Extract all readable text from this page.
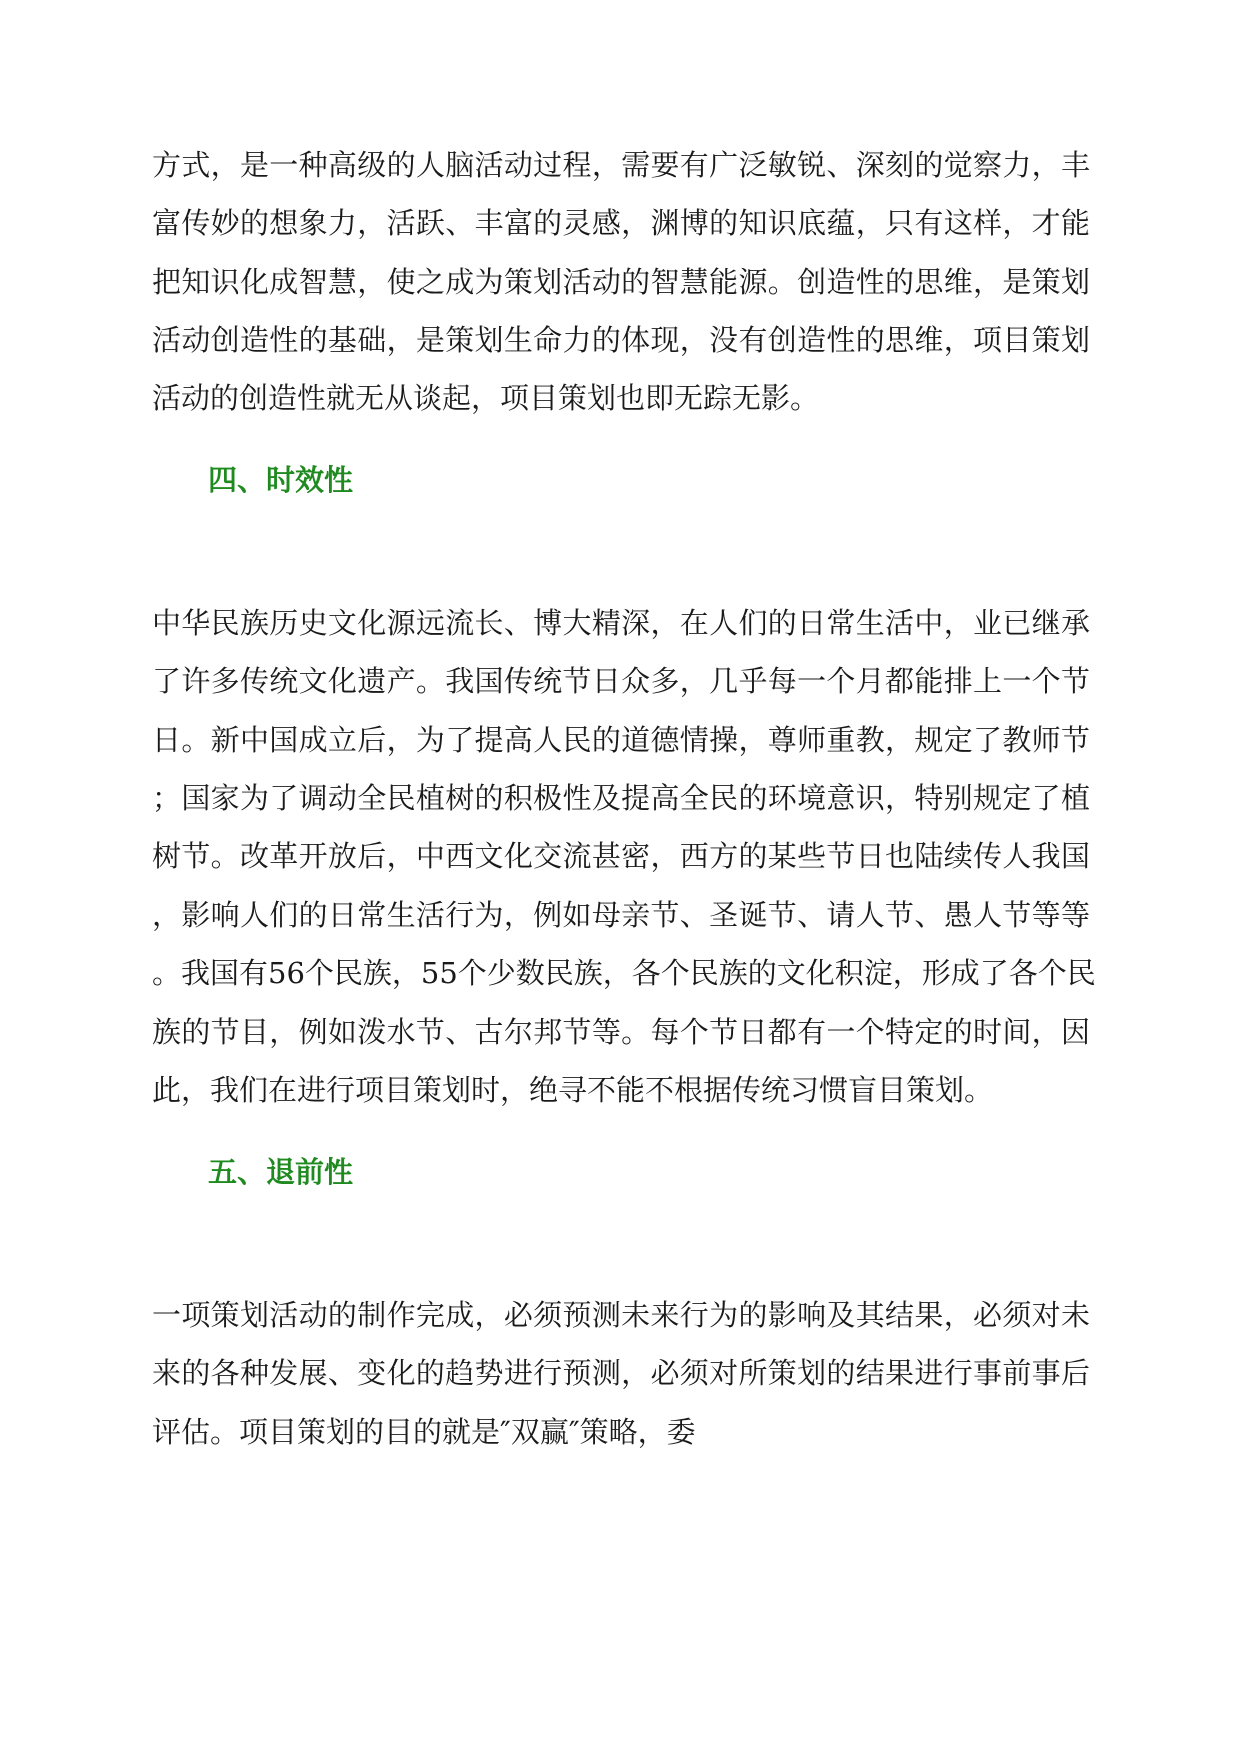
方式，是一种高级的人脑活动过程，需要有广泛敏锐、深刻的觉察力，丰
富传妙的想象力，活跃、丰富的灵感，渊博的知识底蕴，只有这样，才能
把知识化成智慧，使之成为策划活动的智慧能源。创造性的思维，是策划
活动创造性的基础，是策划生命力的体现，没有创造性的思维，项目策划
活动的创造性就无从谈起，项目策划也即无踪无影。
四、时效性
中华民族历史文化源远流长、博大精深，在人们的日常生活中，业已继承
了许多传统文化遗产。我国传统节日众多，几乎每一个月都能排上一个节
日。新中国成立后，为了提高人民的道德情操，尊师重教，规定了教师节
；国家为了调动全民植树的积极性及提高全民的环境意识，特别规定了植
树节。改革开放后，中西文化交流甚密，西方的某些节日也陆续传人我国
，影响人们的日常生活行为，例如母亲节、圣诞节、请人节、愚人节等等
。我国有56个民族，55个少数民族，各个民族的文化积淀，形成了各个民
族的节目，例如泼水节、古尔邦节等。每个节日都有一个特定的时间，因
此，我们在进行项目策划时，绝寻不能不根据传统习惯盲目策划。
五、退前性
一项策划活动的制作完成，必须预测未来行为的影响及其结果，必须对未
来的各种发展、变化的趋势进行预测，必须对所策划的结果进行事前事后
评估。项目策划的目的就是″双赢″策略，委
